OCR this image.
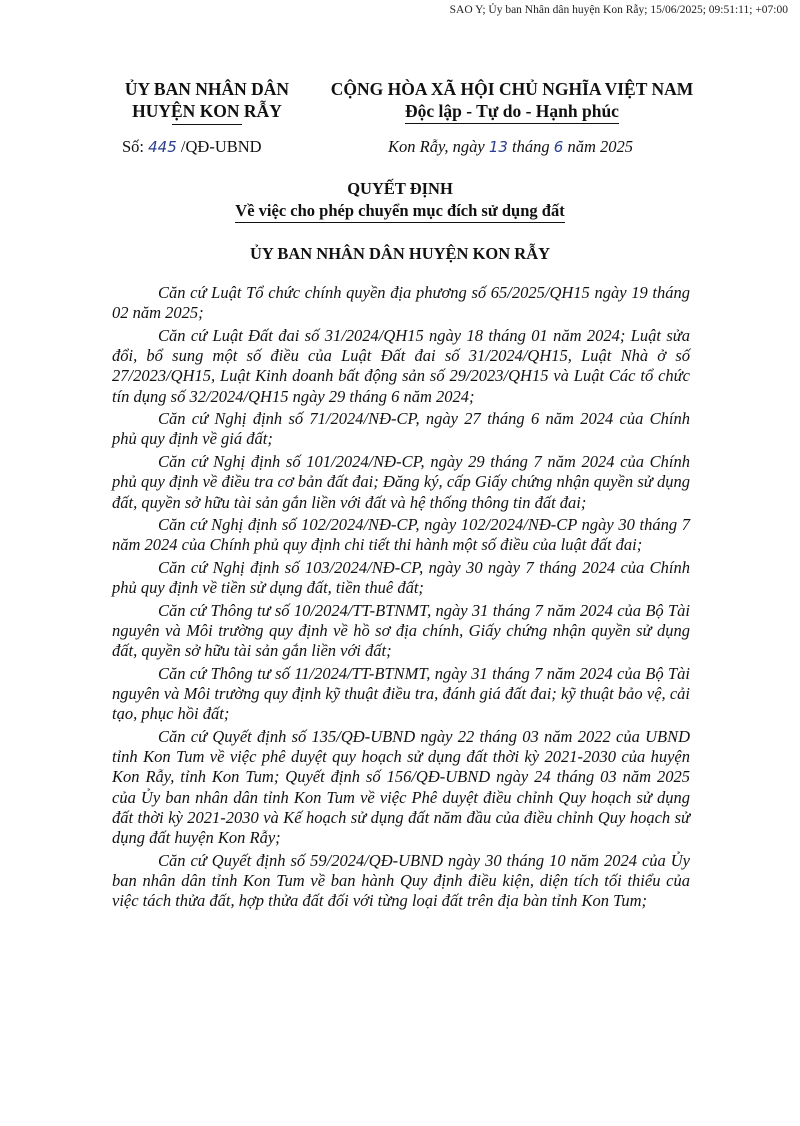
SAO Y; Ủy ban Nhân dân huyện Kon Rẫy; 15/06/2025; 09:51:11; +07:00
ỦY BAN NHÂN DÂN
HUYỆN KON RẪY
CỘNG HÒA XÃ HỘI CHỦ NGHĨA VIỆT NAM
Độc lập - Tự do - Hạnh phúc
Số: 445 /QĐ-UBND	Kon Rẫy, ngày 13 tháng 6 năm 2025
QUYẾT ĐỊNH
Về việc cho phép chuyển mục đích sử dụng đất
ỦY BAN NHÂN DÂN HUYỆN KON RẪY

Căn cứ Luật Tổ chức chính quyền địa phương số 65/2025/QH15 ngày 19 tháng 02 năm 2025;

Căn cứ Luật Đất đai số 31/2024/QH15 ngày 18 tháng 01 năm 2024; Luật sửa đổi, bổ sung một số điều của Luật Đất đai số 31/2024/QH15, Luật Nhà ở số 27/2023/QH15, Luật Kinh doanh bất động sản số 29/2023/QH15 và Luật Các tổ chức tín dụng số 32/2024/QH15 ngày 29 tháng 6 năm 2024;

Căn cứ Nghị định số 71/2024/NĐ-CP, ngày 27 tháng 6 năm 2024 của Chính phủ quy định về giá đất;

Căn cứ Nghị định số 101/2024/NĐ-CP, ngày 29 tháng 7 năm 2024 của Chính phủ quy định về điều tra cơ bản đất đai; Đăng ký, cấp Giấy chứng nhận quyền sử dụng đất, quyền sở hữu tài sản gắn liền với đất và hệ thống thông tin đất đai;

Căn cứ Nghị định số 102/2024/NĐ-CP, ngày 102/2024/NĐ-CP ngày 30 tháng 7 năm 2024 của Chính phủ quy định chi tiết thi hành một số điều của luật đất đai;

Căn cứ Nghị định số 103/2024/NĐ-CP, ngày 30 ngày 7 tháng 2024 của Chính phủ quy định về tiền sử dụng đất, tiền thuê đất;

Căn cứ Thông tư số 10/2024/TT-BTNMT, ngày 31 tháng 7 năm 2024 của Bộ Tài nguyên và Môi trường quy định về hồ sơ địa chính, Giấy chứng nhận quyền sử dụng đất, quyền sở hữu tài sản gắn liền với đất;

Căn cứ Thông tư số 11/2024/TT-BTNMT, ngày 31 tháng 7 năm 2024 của Bộ Tài nguyên và Môi trường quy định kỹ thuật điều tra, đánh giá đất đai; kỹ thuật bảo vệ, cải tạo, phục hồi đất;

Căn cứ Quyết định số 135/QĐ-UBND ngày 22 tháng 03 năm 2022 của UBND tỉnh Kon Tum về việc phê duyệt quy hoạch sử dụng đất thời kỳ 2021-2030 của huyện Kon Rẫy, tỉnh Kon Tum; Quyết định số 156/QĐ-UBND ngày 24 tháng 03 năm 2025 của Ủy ban nhân dân tỉnh Kon Tum về việc Phê duyệt điều chỉnh Quy hoạch sử dụng đất thời kỳ 2021-2030 và Kế hoạch sử dụng đất năm đầu của điều chỉnh Quy hoạch sử dụng đất huyện Kon Rẫy;

Căn cứ Quyết định số 59/2024/QĐ-UBND ngày 30 tháng 10 năm 2024 của Ủy ban nhân dân tỉnh Kon Tum về ban hành Quy định điều kiện, diện tích tối thiểu của việc tách thửa đất, hợp thửa đất đối với từng loại đất trên địa bàn tỉnh Kon Tum;
